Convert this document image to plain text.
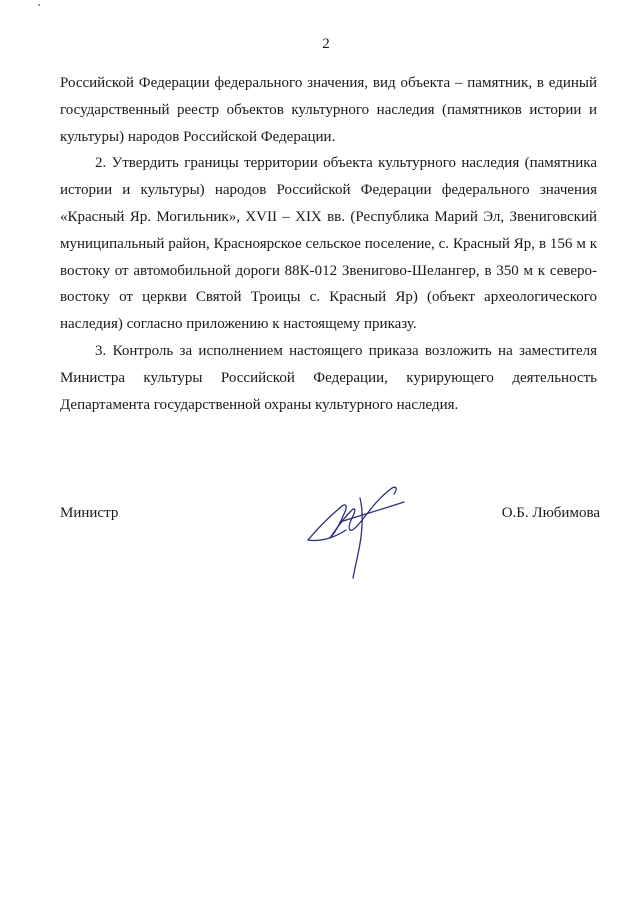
2

Российской Федерации федерального значения, вид объекта – памятник, в единый государственный реестр объектов культурного наследия (памятников истории и культуры) народов Российской Федерации.

2. Утвердить границы территории объекта культурного наследия (памятника истории и культуры) народов Российской Федерации федерального значения «Красный Яр. Могильник», XVII – XIX вв. (Республика Марий Эл, Звениговский муниципальный район, Красноярское сельское поселение, с. Красный Яр, в 156 м к востоку от автомобильной дороги 88К-012 Звенигово-Шелангер, в 350 м к северо-востоку от церкви Святой Троицы с. Красный Яр) (объект археологического наследия) согласно приложению к настоящему приказу.

3. Контроль за исполнением настоящего приказа возложить на заместителя Министра культуры Российской Федерации, курирующего деятельность Департамента государственной охраны культурного наследия.

Министр	О.Б. Любимова
